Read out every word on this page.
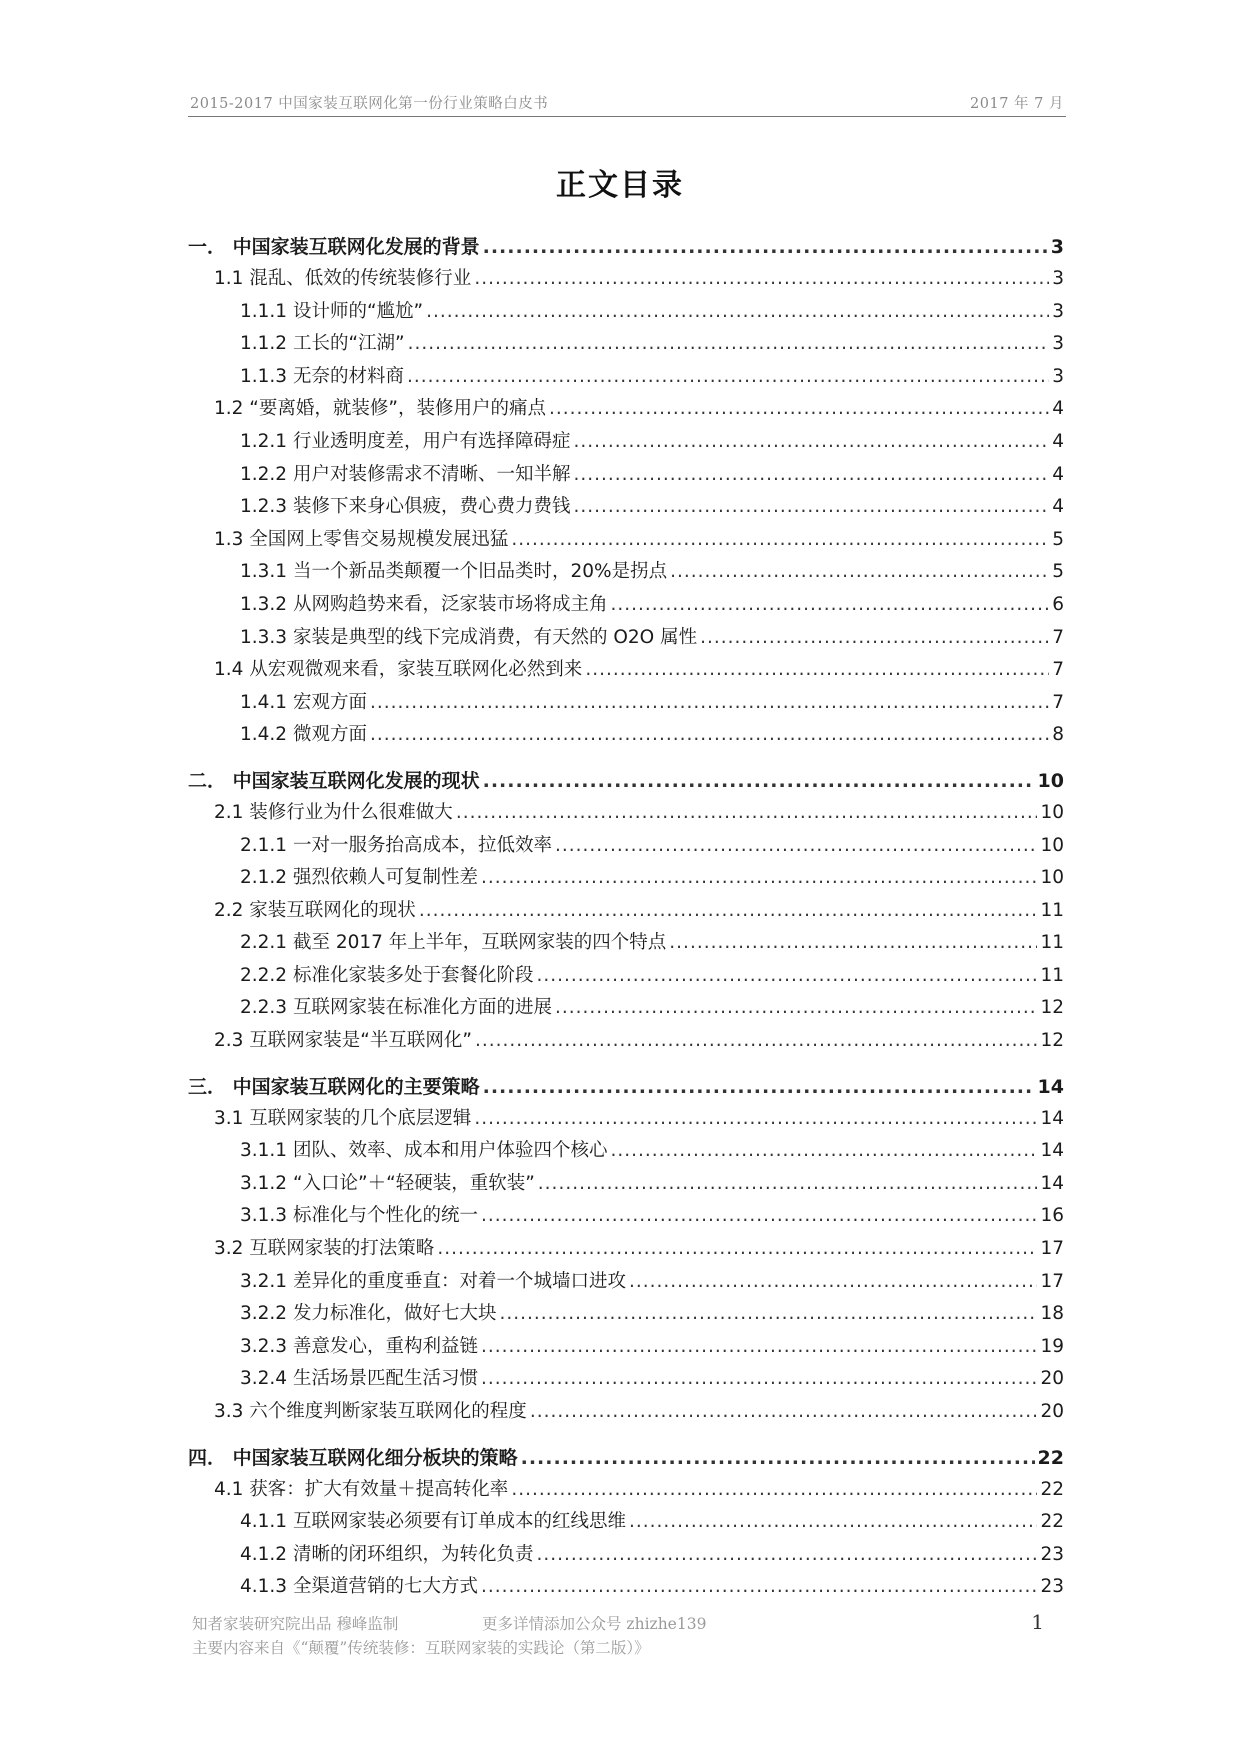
2015-2017 中国家装互联网化第一份行业策略白皮书	2017 年 7 月
正文目录
一． 中国家装互联网化发展的背景 .....	3
1.1 混乱、低效的传统装修行业 .....	3
1.1.1 设计师的“尴尬” .....	3
1.1.2 工长的“江湖” .....	3
1.1.3 无奈的材料商 .....	3
1.2 “要离婚，就装修”，装修用户的痛点 .....	4
1.2.1 行业透明度差，用户有选择障碍症 .....	4
1.2.2 用户对装修需求不清晰、一知半解 .....	4
1.2.3 装修下来身心俱疲，费心费力费钱 .....	4
1.3 全国网上零售交易规模发展迅猛 .....	5
1.3.1 当一个新品类颠覆一个旧品类时，20%是拐点 .....	5
1.3.2 从网购趋势来看，泛家装市场将成主角 .....	6
1.3.3 家装是典型的线下完成消费，有天然的 O2O 属性 .....	7
1.4 从宏观微观来看，家装互联网化必然到来 .....	7
1.4.1 宏观方面 .....	7
1.4.2 微观方面 .....	8
二． 中国家装互联网化发展的现状 .....	10
2.1 装修行业为什么很难做大 .....	10
2.1.1 一对一服务抬高成本，拉低效率 .....	10
2.1.2 强烈依赖人可复制性差 .....	10
2.2 家装互联网化的现状 .....	11
2.2.1 截至 2017 年上半年，互联网家装的四个特点 .....	11
2.2.2 标准化家装多处于套餐化阶段 .....	11
2.2.3 互联网家装在标准化方面的进展 .....	12
2.3 互联网家装是“半互联网化” .....	12
三． 中国家装互联网化的主要策略 .....	14
3.1 互联网家装的几个底层逻辑 .....	14
3.1.1 团队、效率、成本和用户体验四个核心 .....	14
3.1.2 “入口论”＋“轻硬装，重软装” .....	14
3.1.3 标准化与个性化的统一 .....	16
3.2 互联网家装的打法策略 .....	17
3.2.1 差异化的重度垂直：对着一个城墙口进攻 .....	17
3.2.2 发力标准化，做好七大块 .....	18
3.2.3 善意发心，重构利益链 .....	19
3.2.4 生活场景匹配生活习惯 .....	20
3.3 六个维度判断家装互联网化的程度 .....	20
四． 中国家装互联网化细分板块的策略 .....	22
4.1 获客：扩大有效量＋提高转化率 .....	22
4.1.1 互联网家装必须要有订单成本的红线思维 .....	22
4.1.2 清晰的闭环组织，为转化负责 .....	23
4.1.3 全渠道营销的七大方式 .....	23
知者家装研究院出品 穆峰监制	更多详情添加公众号 zhizhe139	1
主要内容来自《“颠覆”传统装修：互联网家装的实践论（第二版）》
